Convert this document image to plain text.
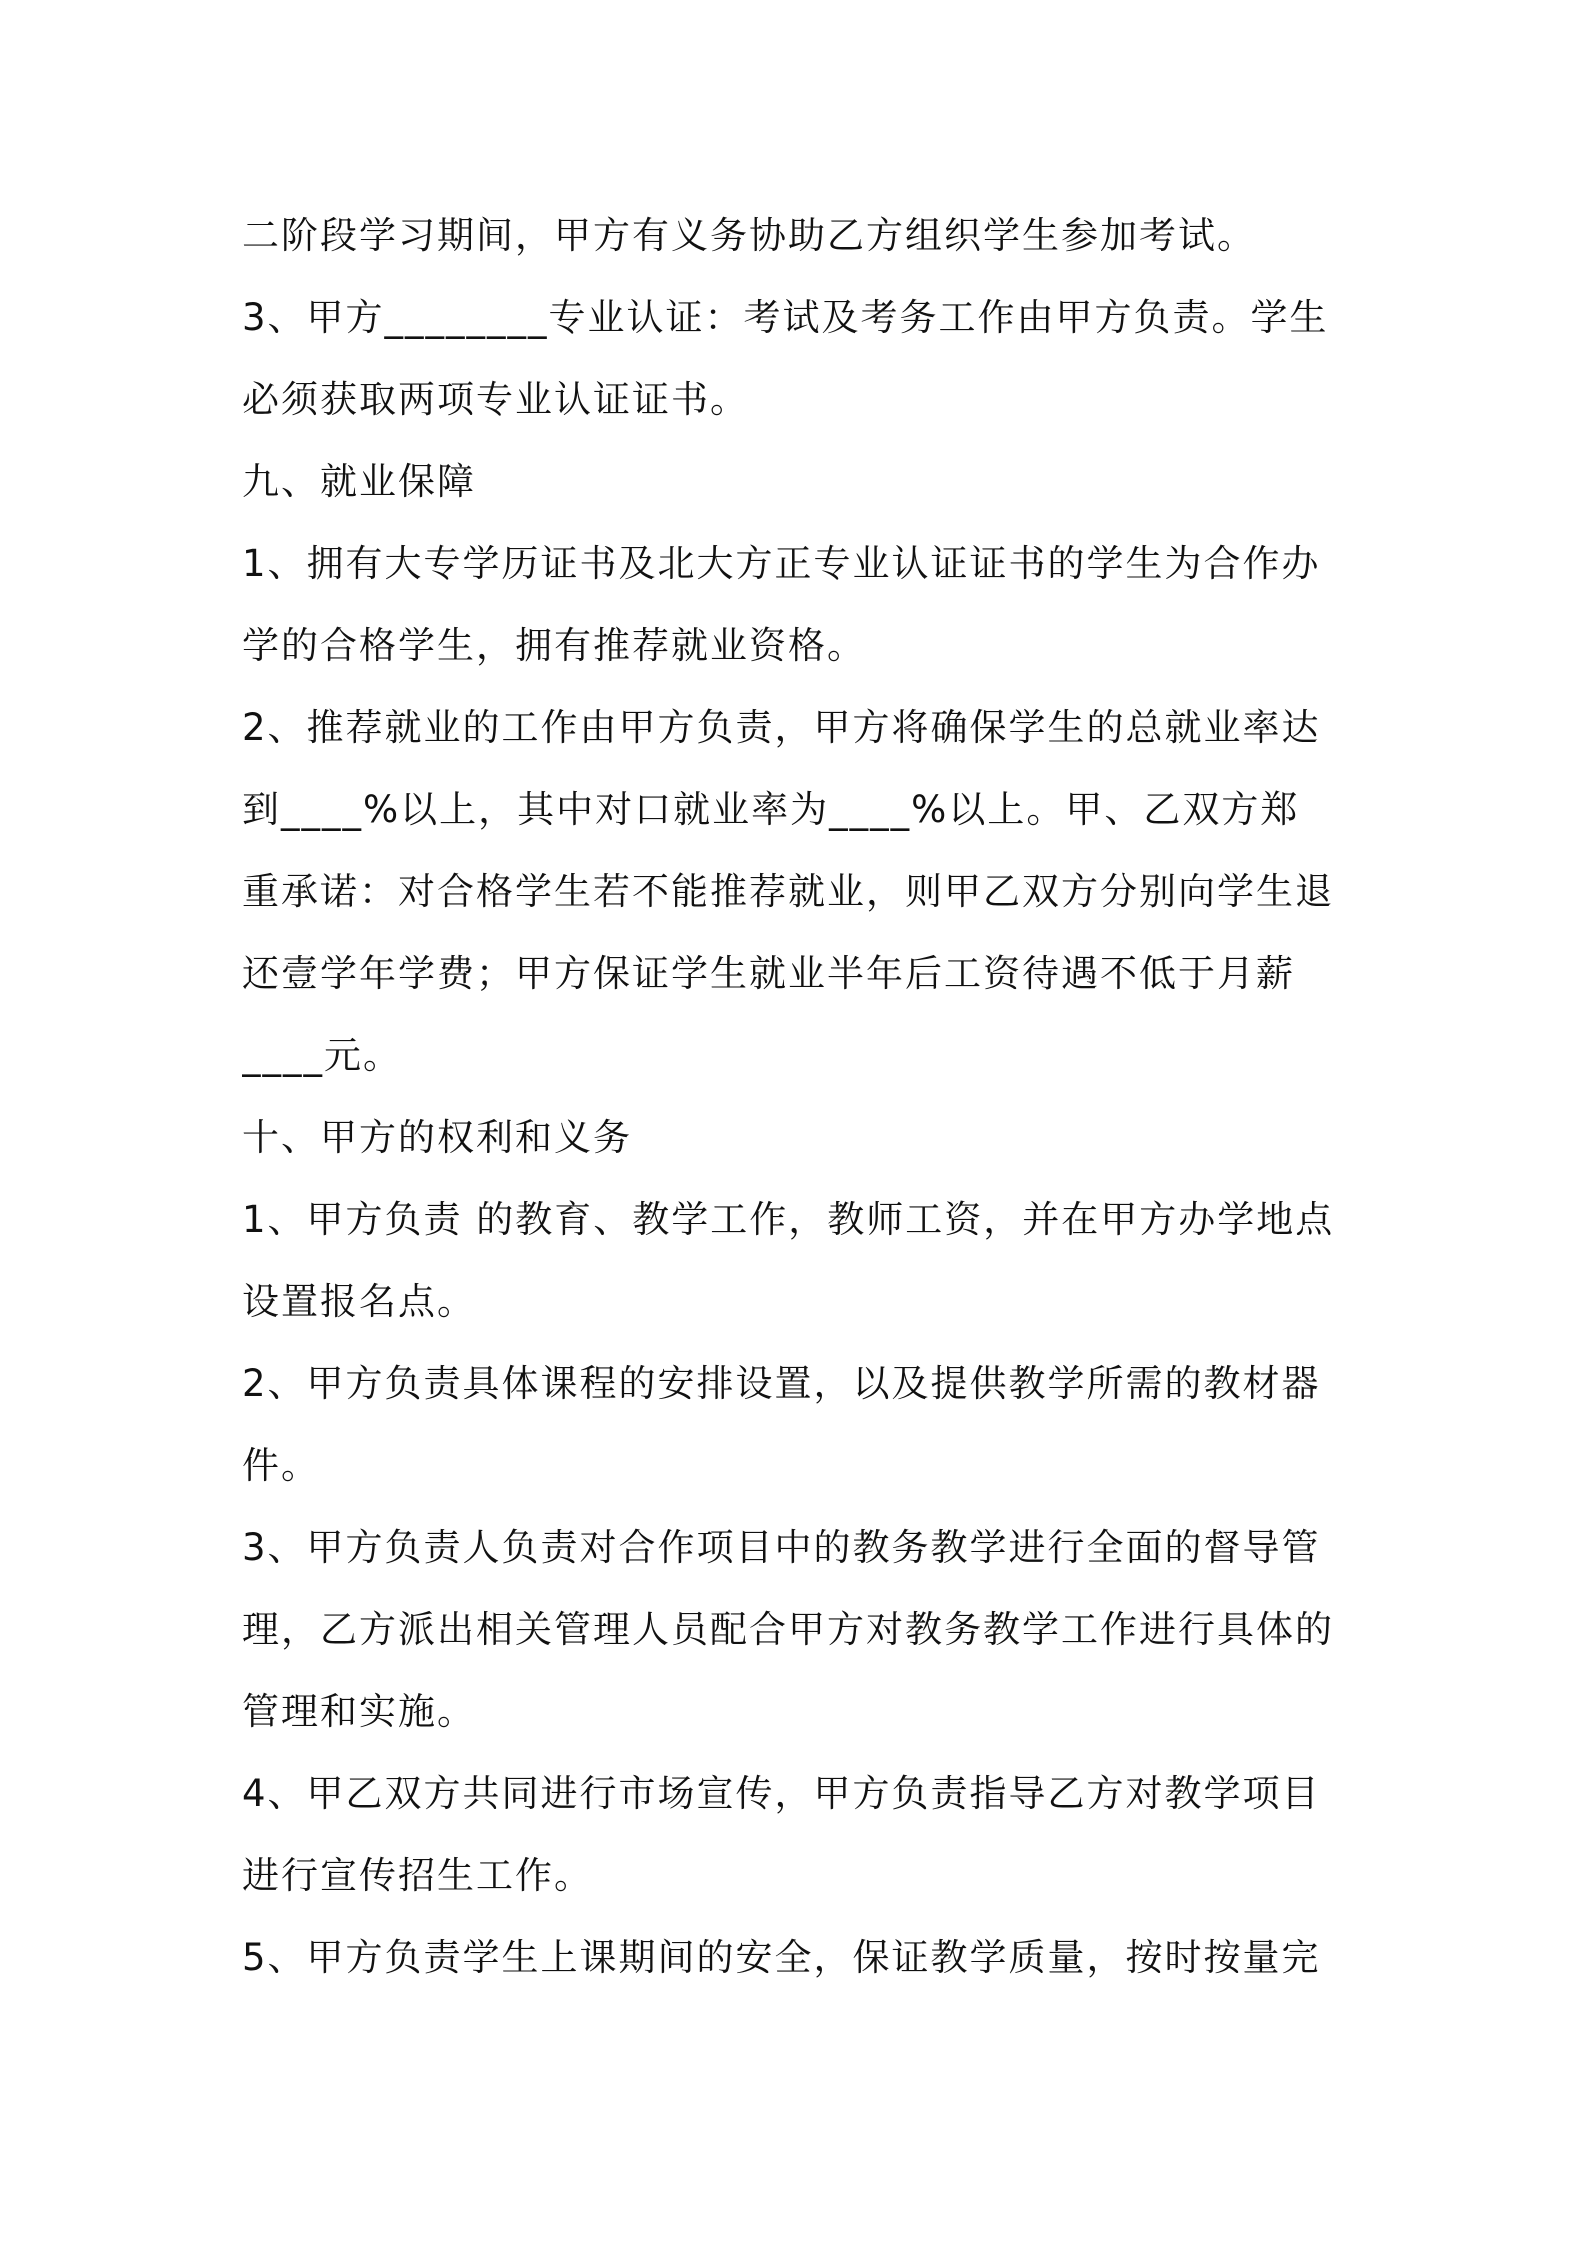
二阶段学习期间，甲方有义务协助乙方组织学生参加考试。
3、甲方________专业认证：考试及考务工作由甲方负责。学生
必须获取两项专业认证证书。
九、就业保障
1、拥有大专学历证书及北大方正专业认证证书的学生为合作办
学的合格学生，拥有推荐就业资格。
2、推荐就业的工作由甲方负责，甲方将确保学生的总就业率达
到____%以上，其中对口就业率为____%以上。甲、乙双方郑
重承诺：对合格学生若不能推荐就业，则甲乙双方分别向学生退
还壹学年学费；甲方保证学生就业半年后工资待遇不低于月薪
____元。
十、甲方的权利和义务
1、甲方负责 的教育、教学工作，教师工资，并在甲方办学地点
设置报名点。
2、甲方负责具体课程的安排设置，以及提供教学所需的教材器
件。
3、甲方负责人负责对合作项目中的教务教学进行全面的督导管
理，乙方派出相关管理人员配合甲方对教务教学工作进行具体的
管理和实施。
4、甲乙双方共同进行市场宣传，甲方负责指导乙方对教学项目
进行宣传招生工作。
5、甲方负责学生上课期间的安全，保证教学质量，按时按量完
